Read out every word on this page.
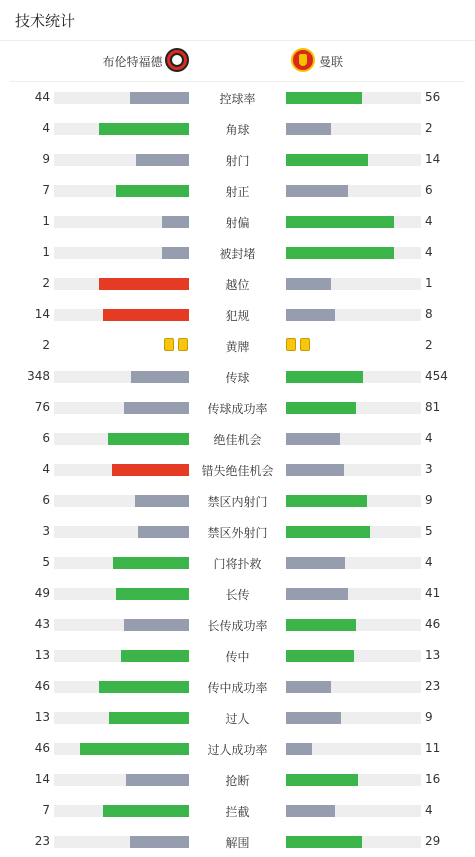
技术统计
布伦特福德	曼联
44	控球率	56
4	角球	2
9	射门	14
7	射正	6
1	射偏	4
1	被封堵	4
2	越位	1
14	犯规	8
2	黄牌	2
348	传球	454
76	传球成功率	81
6	绝佳机会	4
4	错失绝佳机会	3
6	禁区内射门	9
3	禁区外射门	5
5	门将扑救	4
49	长传	41
43	长传成功率	46
13	传中	13
46	传中成功率	23
13	过人	9
46	过人成功率	11
14	抢断	16
7	拦截	4
23	解围	29
